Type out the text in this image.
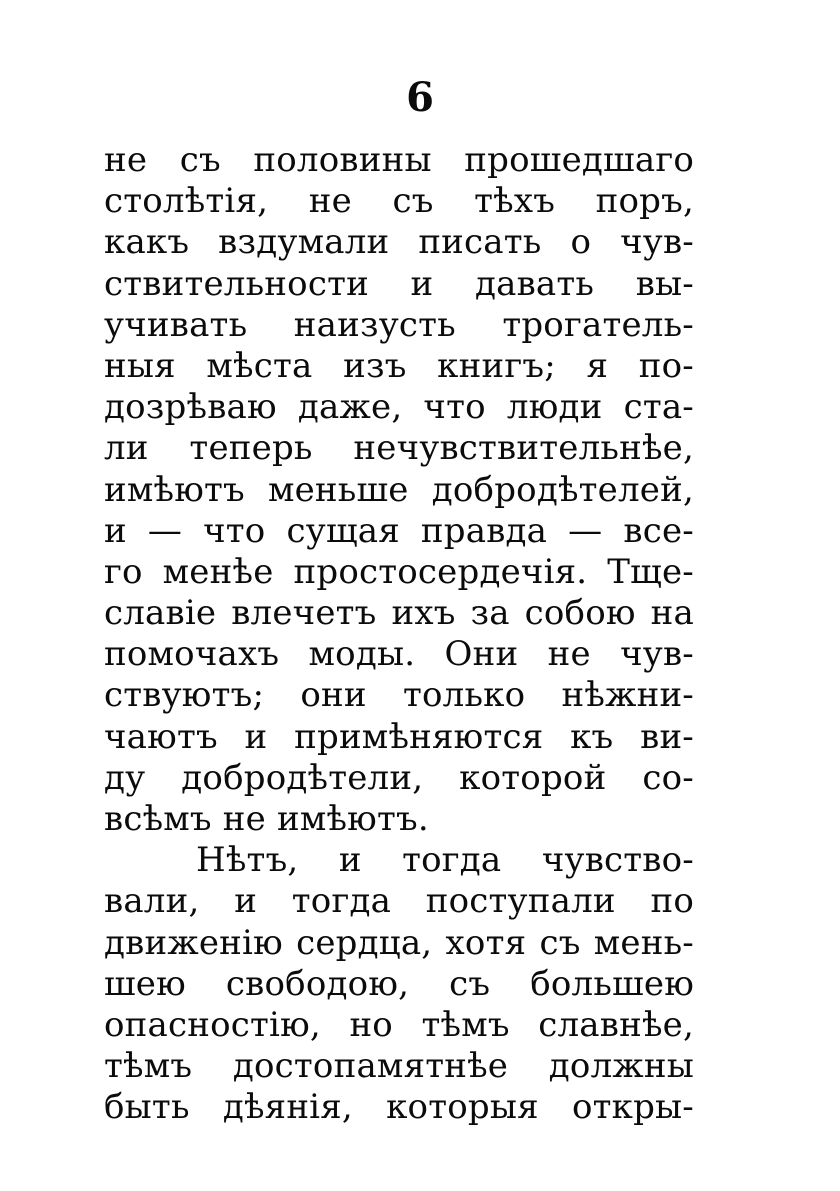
6
не съ половины прошедшаго
столѣтія, не съ тѣхъ поръ,
какъ вздумали писать о чув-
ствительности и давать вы-
учивать наизусть трогатель-
ныя мѣста изъ книгъ; я по-
дозрѣваю даже, что люди ста-
ли теперь нечувствительнѣе,
имѣютъ меньше добродѣтелей,
и — что сущая правда — все-
го менѣе простосердечія. Тще-
славіе влечетъ ихъ за собою на
помочахъ моды. Они не чув-
ствуютъ; они только нѣжни-
чаютъ и примѣняются къ ви-
ду добродѣтели, которой со-
всѣмъ не имѣютъ.
Нѣтъ, и тогда чувство-
вали, и тогда поступали по
движенію сердца, хотя съ мень-
шею свободою, съ большею
опасностію, но тѣмъ славнѣе,
тѣмъ достопамятнѣе должны
быть дѣянія, которыя откры-
